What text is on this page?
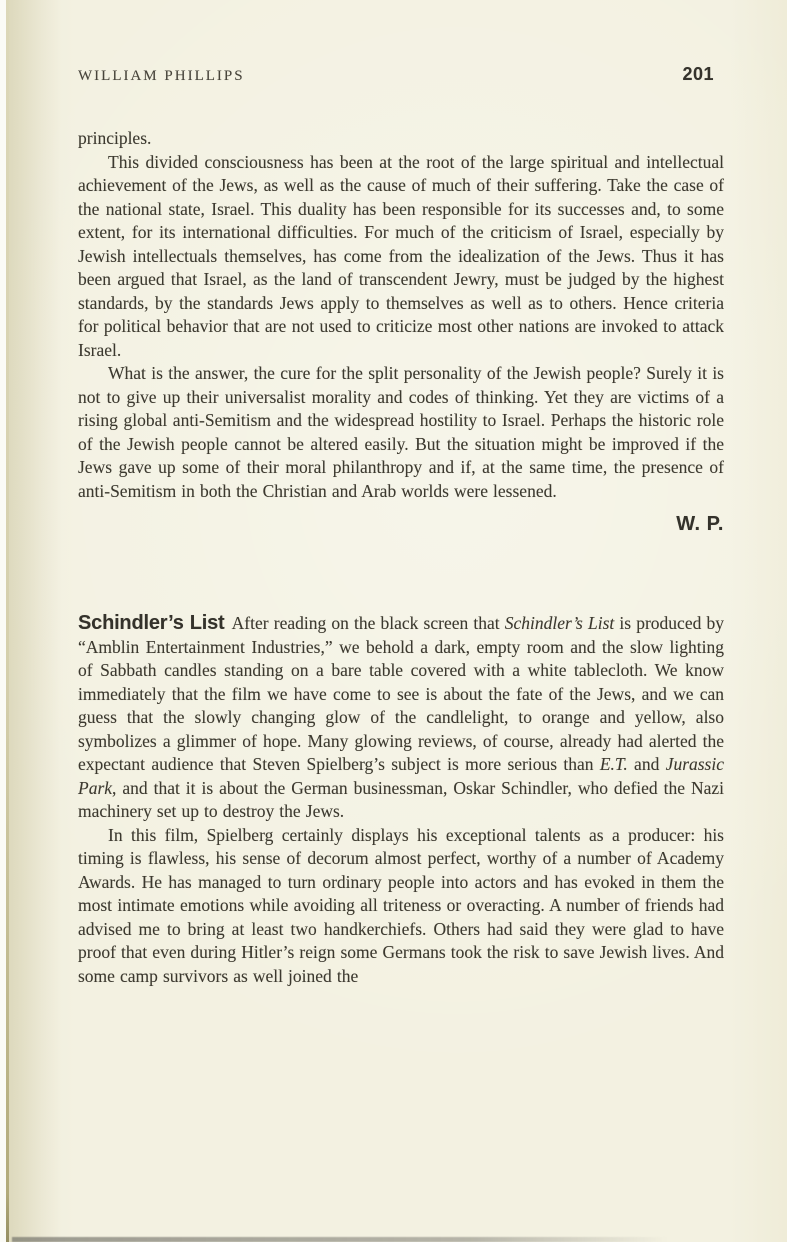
WILLIAM PHILLIPS	201

principles.

This divided consciousness has been at the root of the large spiritual and intellectual achievement of the Jews, as well as the cause of much of their suffering. Take the case of the national state, Israel. This duality has been responsible for its successes and, to some extent, for its international difficulties. For much of the criticism of Israel, especially by Jewish intellectuals themselves, has come from the idealization of the Jews. Thus it has been argued that Israel, as the land of transcendent Jewry, must be judged by the highest standards, by the standards Jews apply to themselves as well as to others. Hence criteria for political behavior that are not used to criticize most other nations are invoked to attack Israel.

What is the answer, the cure for the split personality of the Jewish people? Surely it is not to give up their universalist morality and codes of thinking. Yet they are victims of a rising global anti-Semitism and the widespread hostility to Israel. Perhaps the historic role of the Jewish people cannot be altered easily. But the situation might be improved if the Jews gave up some of their moral philanthropy and if, at the same time, the presence of anti-Semitism in both the Christian and Arab worlds were lessened.

W. P.

Schindler’s List After reading on the black screen that Schindler’s List is produced by “Amblin Entertainment Industries,” we behold a dark, empty room and the slow lighting of Sabbath candles standing on a bare table covered with a white tablecloth. We know immediately that the film we have come to see is about the fate of the Jews, and we can guess that the slowly changing glow of the candlelight, to orange and yellow, also symbolizes a glimmer of hope. Many glowing reviews, of course, already had alerted the expectant audience that Steven Spielberg’s subject is more serious than E.T. and Jurassic Park, and that it is about the German businessman, Oskar Schindler, who defied the Nazi machinery set up to destroy the Jews.

In this film, Spielberg certainly displays his exceptional talents as a producer: his timing is flawless, his sense of decorum almost perfect, worthy of a number of Academy Awards. He has managed to turn ordinary people into actors and has evoked in them the most intimate emotions while avoiding all triteness or overacting. A number of friends had advised me to bring at least two handkerchiefs. Others had said they were glad to have proof that even during Hitler’s reign some Germans took the risk to save Jewish lives. And some camp survivors as well joined the
